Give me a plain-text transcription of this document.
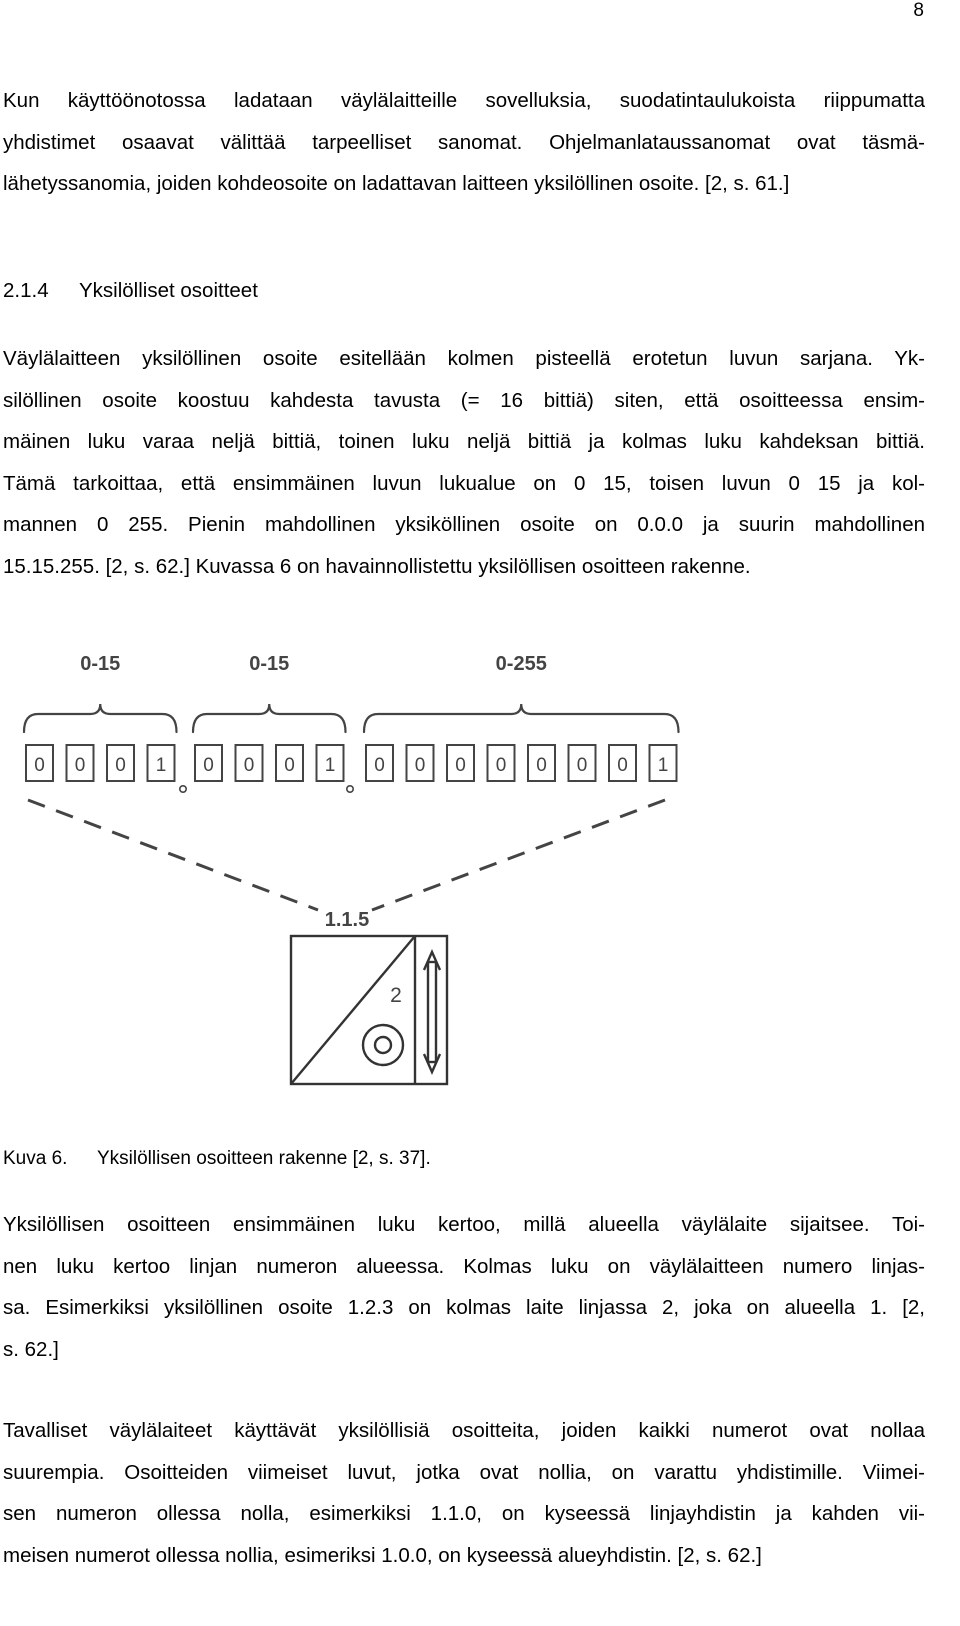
8

Kun käyttöönotossa ladataan väylälaitteille sovelluksia, suodatintaulukoista riippumatta
yhdistimet osaavat välittää tarpeelliset sanomat. Ohjelmanlataussanomat ovat täsmä-
lähetyssanomia, joiden kohdeosoite on ladattavan laitteen yksilöllinen osoite. [2, s. 61.]

2.1.4 Yksilölliset osoitteet

Väylälaitteen yksilöllinen osoite esitellään kolmen pisteellä erotetun luvun sarjana. Yk-
silöllinen osoite koostuu kahdesta tavusta (= 16 bittiä) siten, että osoitteessa ensim-
mäinen luku varaa neljä bittiä, toinen luku neljä bittiä ja kolmas luku kahdeksan bittiä.
Tämä tarkoittaa, että ensimmäinen luvun lukualue on 0 15, toisen luvun 0 15 ja kol-
mannen 0 255. Pienin mahdollinen yksiköllinen osoite on 0.0.0 ja suurin mahdollinen
15.15.255. [2, s. 62.] Kuvassa 6 on havainnollistettu yksilöllisen osoitteen rakenne.

0-15	0-15	0-255
0 0 0 1 0 0 0 1 0 0 0 0 0 0 0 1
1.1.5
2
Kuva 6. Yksilöllisen osoitteen rakenne [2, s. 37].

Yksilöllisen osoitteen ensimmäinen luku kertoo, millä alueella väylälaite sijaitsee. Toi-
nen luku kertoo linjan numeron alueessa. Kolmas luku on väylälaitteen numero linjas-
sa. Esimerkiksi yksilöllinen osoite 1.2.3 on kolmas laite linjassa 2, joka on alueella 1. [2,
s. 62.]

Tavalliset väylälaiteet käyttävät yksilöllisiä osoitteita, joiden kaikki numerot ovat nollaa
suurempia. Osoitteiden viimeiset luvut, jotka ovat nollia, on varattu yhdistimille. Viimei-
sen numeron ollessa nolla, esimerkiksi 1.1.0, on kyseessä linjayhdistin ja kahden vii-
meisen numerot ollessa nollia, esimeriksi 1.0.0, on kyseessä alueyhdistin. [2, s. 62.]
